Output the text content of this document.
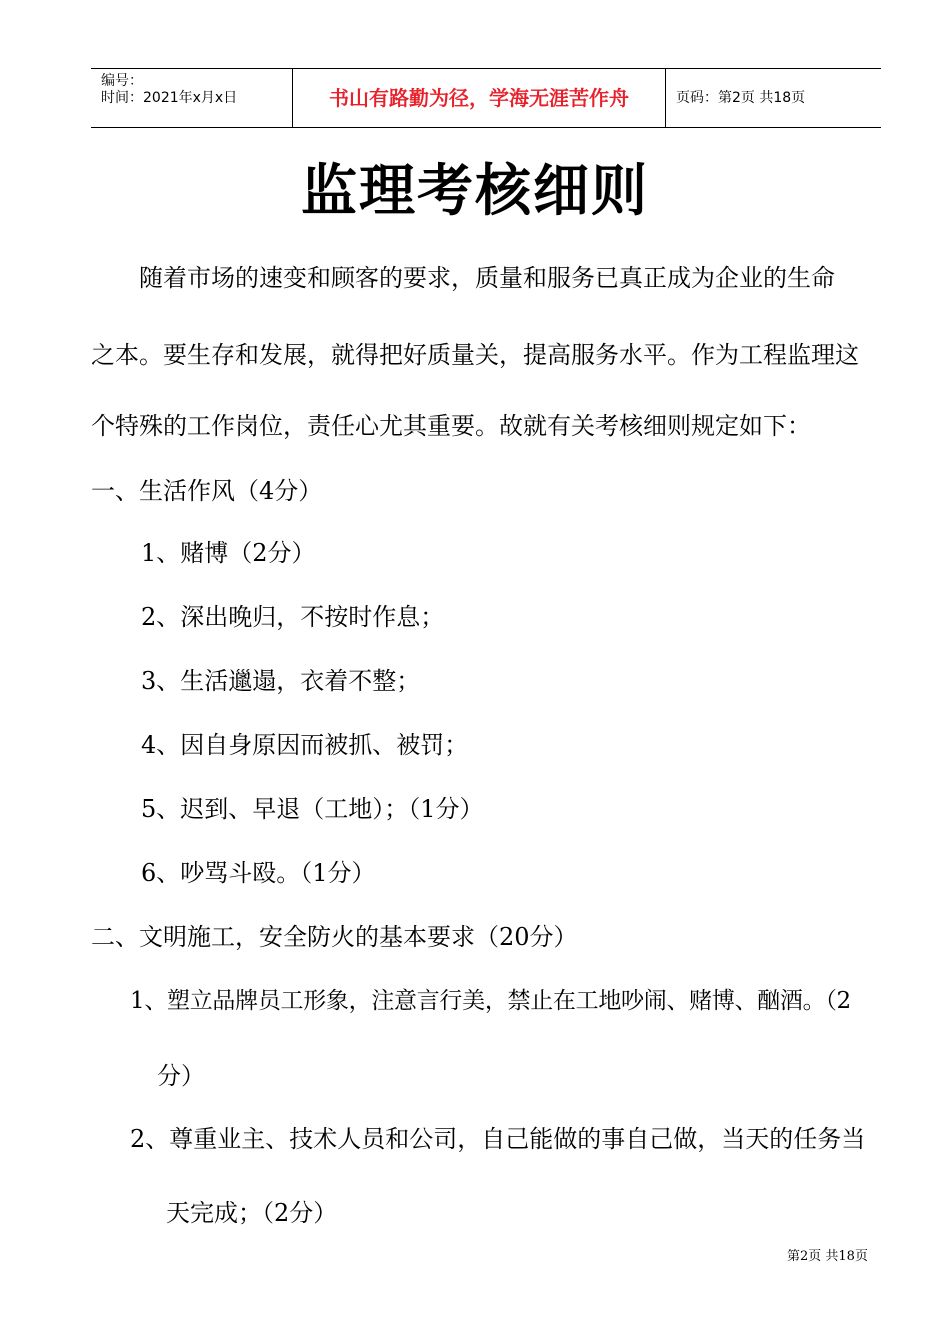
编号：
时间：2021年x月x日	书山有路勤为径，学海无涯苦作舟	页码：第2页 共18页
监理考核细则
随着市场的速变和顾客的要求，质量和服务已真正成为企业的生命
之本。要生存和发展，就得把好质量关，提高服务水平。作为工程监理这
个特殊的工作岗位，责任心尤其重要。故就有关考核细则规定如下：
一、生活作风（4分）
1、赌博（2分）
2、深出晚归，不按时作息；
3、生活邋遢，衣着不整；
4、因自身原因而被抓、被罚；
5、迟到、早退（工地）；（1分）
6、吵骂斗殴。（1分）
二、文明施工，安全防火的基本要求（20分）
1、塑立品牌员工形象，注意言行美，禁止在工地吵闹、赌博、酗酒。（2
分）
2、尊重业主、技术人员和公司，自己能做的事自己做，当天的任务当
天完成；（2分）
第2页 共18页
